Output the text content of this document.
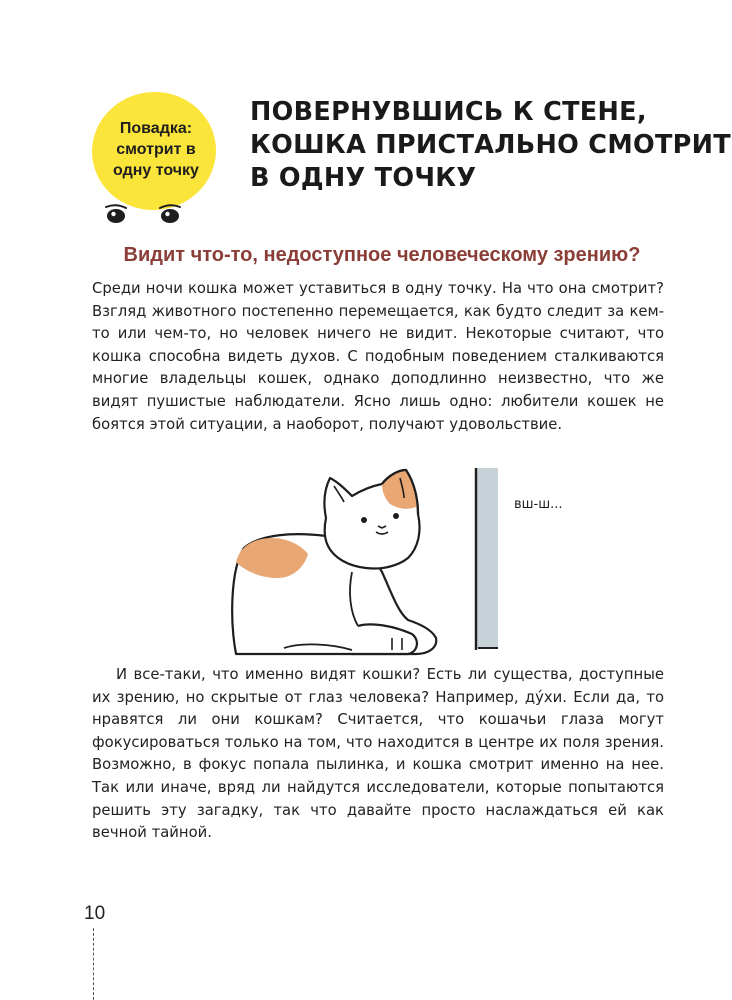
Повадка:
смотрит в
одну точку
ПОВЕРНУВШИСЬ К СТЕНЕ,
КОШКА ПРИСТАЛЬНО СМОТРИТ
В ОДНУ ТОЧКУ
Видит что-то, недоступное человеческому зрению?

Среди ночи кошка может уставиться в одну точку. На что она смотрит? Взгляд животного постепенно перемещается, как будто следит за кем-то или чем-то, но человек ничего не видит. Некоторые считают, что кошка способна видеть духов. С подобным поведением сталкиваются многие владельцы кошек, однако доподлинно неизвестно, что же видят пушистые наблюдатели. Ясно лишь одно: любители кошек не боятся этой ситуации, а наоборот, получают удовольствие.

вш-ш...

И все-таки, что именно видят кошки? Есть ли существа, доступные их зрению, но скрытые от глаз человека? Например, ду́хи. Если да, то нравятся ли они кошкам? Считается, что кошачьи глаза могут фокусироваться только на том, что находится в центре их поля зрения. Возможно, в фокус попала пылинка, и кошка смотрит именно на нее. Так или иначе, вряд ли найдутся исследователи, которые попытаются решить эту загадку, так что давайте просто наслаждаться ей как вечной тайной.

10
